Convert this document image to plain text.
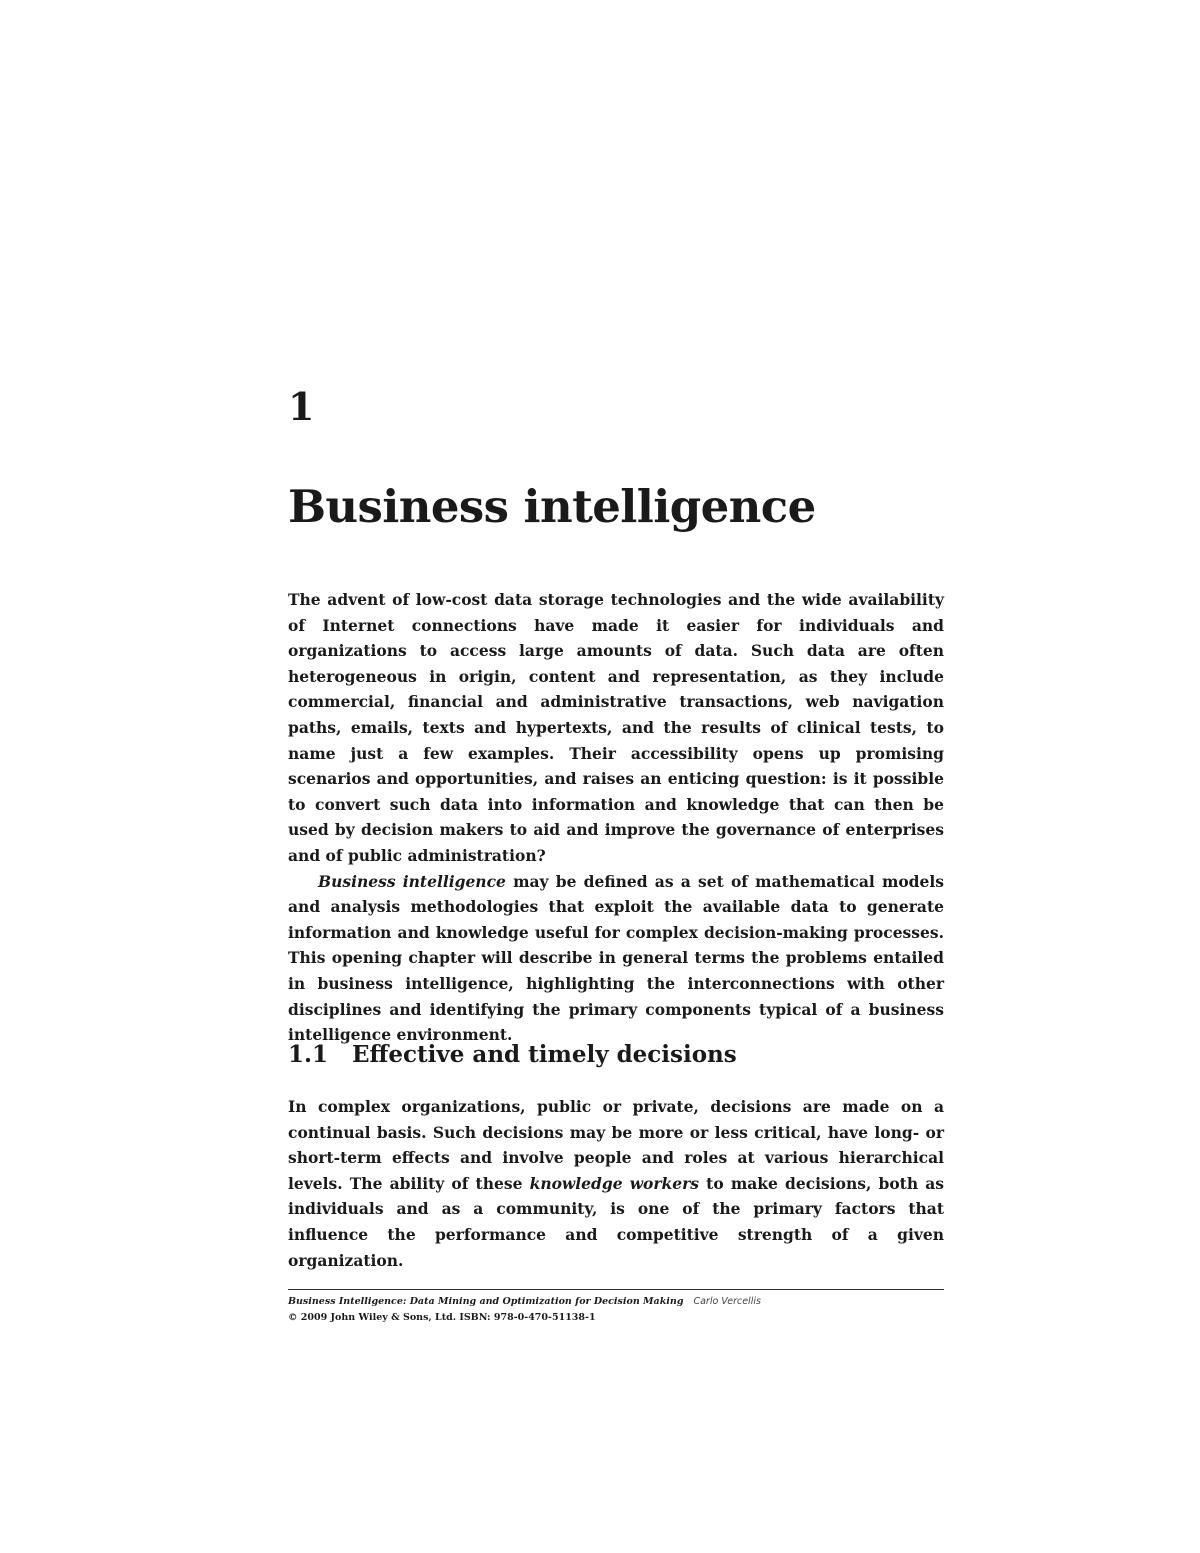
1
Business intelligence

The advent of low-cost data storage technologies and the wide availability of Internet connections have made it easier for individuals and organizations to access large amounts of data. Such data are often heterogeneous in origin, content and representation, as they include commercial, financial and administrative transactions, web navigation paths, emails, texts and hypertexts, and the results of clinical tests, to name just a few examples. Their accessibility opens up promising scenarios and opportunities, and raises an enticing question: is it possible to convert such data into information and knowledge that can then be used by decision makers to aid and improve the governance of enterprises and of public administration?

Business intelligence may be defined as a set of mathematical models and analysis methodologies that exploit the available data to generate information and knowledge useful for complex decision-making processes. This opening chapter will describe in general terms the problems entailed in business intelligence, highlighting the interconnections with other disciplines and identifying the primary components typical of a business intelligence environment.

1.1	Effective and timely decisions

In complex organizations, public or private, decisions are made on a continual basis. Such decisions may be more or less critical, have long- or short-term effects and involve people and roles at various hierarchical levels. The ability of these knowledge workers to make decisions, both as individuals and as a community, is one of the primary factors that influence the performance and competitive strength of a given organization.

Business Intelligence: Data Mining and Optimization for Decision Making Carlo Vercellis
© 2009 John Wiley & Sons, Ltd. ISBN: 978-0-470-51138-1
